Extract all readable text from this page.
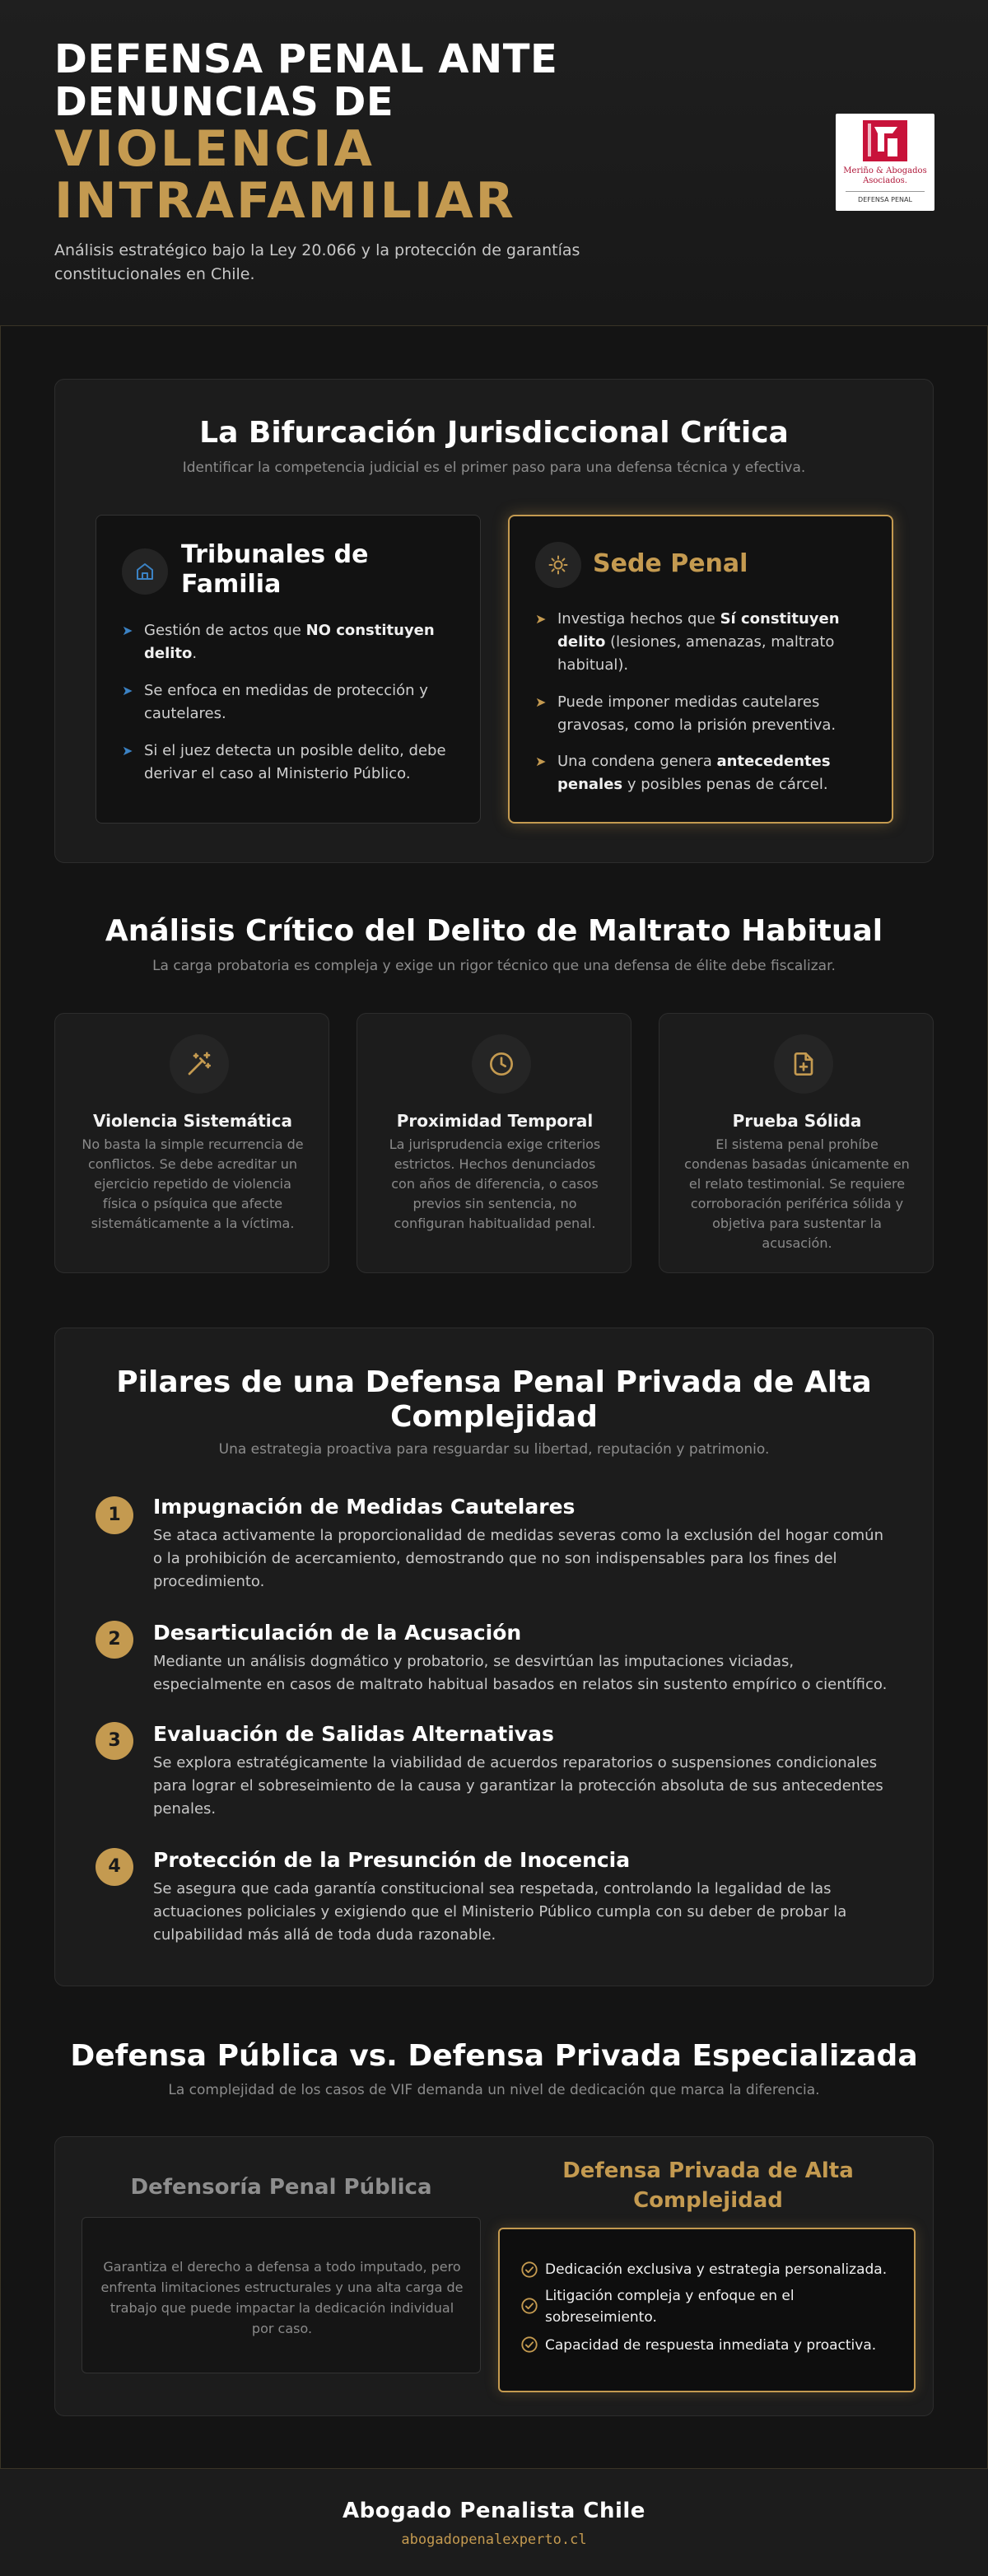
DEFENSA PENAL ANTE DENUNCIAS DE
VIOLENCIA INTRAFAMILIAR
Análisis estratégico bajo la Ley 20.066 y la protección de garantías constitucionales en Chile.
Meriño & Abogados Asociados.
DEFENSA PENAL
La Bifurcación Jurisdiccional Crítica
Identificar la competencia judicial es el primer paso para una defensa técnica y efectiva.
Tribunales de Familia
➤ Gestión de actos que NO constituyen delito.
➤ Se enfoca en medidas de protección y cautelares.
➤ Si el juez detecta un posible delito, debe derivar el caso al Ministerio Público.
Sede Penal
➤ Investiga hechos que Sí constituyen delito (lesiones, amenazas, maltrato habitual).
➤ Puede imponer medidas cautelares gravosas, como la prisión preventiva.
➤ Una condena genera antecedentes penales y posibles penas de cárcel.
Análisis Crítico del Delito de Maltrato Habitual
La carga probatoria es compleja y exige un rigor técnico que una defensa de élite debe fiscalizar.
Violencia Sistemática
No basta la simple recurrencia de conflictos. Se debe acreditar un ejercicio repetido de violencia física o psíquica que afecte sistemáticamente a la víctima.
Proximidad Temporal
La jurisprudencia exige criterios estrictos. Hechos denunciados con años de diferencia, o casos previos sin sentencia, no configuran habitualidad penal.
Prueba Sólida
El sistema penal prohíbe condenas basadas únicamente en el relato testimonial. Se requiere corroboración periférica sólida y objetiva para sustentar la acusación.
Pilares de una Defensa Penal Privada de Alta Complejidad
Una estrategia proactiva para resguardar su libertad, reputación y patrimonio.
1	Impugnación de Medidas Cautelares
Se ataca activamente la proporcionalidad de medidas severas como la exclusión del hogar común o la prohibición de acercamiento, demostrando que no son indispensables para los fines del procedimiento.
2	Desarticulación de la Acusación
Mediante un análisis dogmático y probatorio, se desvirtúan las imputaciones viciadas, especialmente en casos de maltrato habitual basados en relatos sin sustento empírico o científico.
3	Evaluación de Salidas Alternativas
Se explora estratégicamente la viabilidad de acuerdos reparatorios o suspensiones condicionales para lograr el sobreseimiento de la causa y garantizar la protección absoluta de sus antecedentes penales.
4	Protección de la Presunción de Inocencia
Se asegura que cada garantía constitucional sea respetada, controlando la legalidad de las actuaciones policiales y exigiendo que el Ministerio Público cumpla con su deber de probar la culpabilidad más allá de toda duda razonable.
Defensa Pública vs. Defensa Privada Especializada
La complejidad de los casos de VIF demanda un nivel de dedicación que marca la diferencia.
Defensoría Penal Pública
Garantiza el derecho a defensa a todo imputado, pero enfrenta limitaciones estructurales y una alta carga de trabajo que puede impactar la dedicación individual por caso.
Defensa Privada de Alta Complejidad
Dedicación exclusiva y estrategia personalizada.
Litigación compleja y enfoque en el sobreseimiento.
Capacidad de respuesta inmediata y proactiva.
Abogado Penalista Chile
abogadopenalexperto.cl
